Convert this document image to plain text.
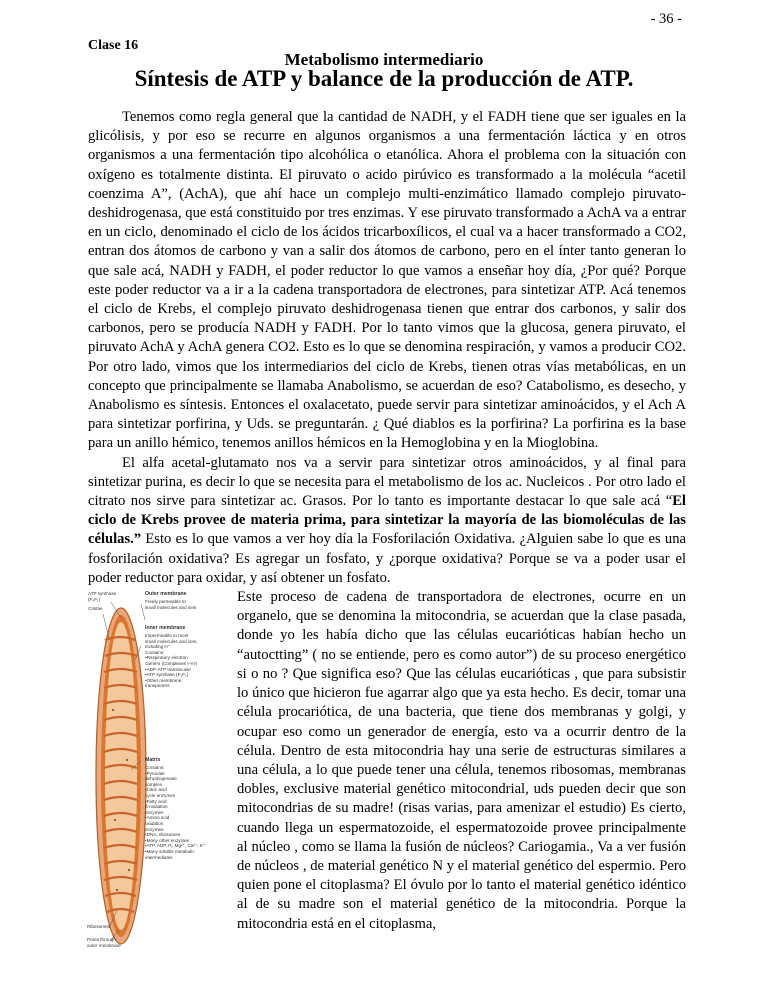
- 36 -
Clase 16
Metabolismo intermediario
Síntesis de ATP y balance de la producción de ATP.

Tenemos como regla general que la cantidad de NADH, y el FADH tiene que ser iguales en la glicólisis, y por eso se recurre en algunos organismos a una fermentación láctica y en otros organismos a una fermentación tipo alcohólica o etanólica. Ahora el problema con la situación con oxígeno es totalmente distinta. El piruvato o acido pirúvico es transformado a la molécula “acetil coenzima A”, (AchA), que ahí hace un complejo multi-enzimático llamado complejo piruvato-deshidrogenasa, que está constituido por tres enzimas. Y ese piruvato transformado a AchA va a entrar en un ciclo, denominado el ciclo de los ácidos tricarboxílicos, el cual va a hacer transformado a CO2, entran dos átomos de carbono y van a salir dos átomos de carbono, pero en el ínter tanto generan lo que sale acá, NADH y FADH, el poder reductor lo que vamos a enseñar hoy día, ¿Por qué? Porque este poder reductor va a ir a la cadena transportadora de electrones, para sintetizar ATP. Acá tenemos el ciclo de Krebs, el complejo piruvato deshidrogenasa tienen que entrar dos carbonos, y salir dos carbonos, pero se producía NADH y FADH. Por lo tanto vimos que la glucosa, genera piruvato, el piruvato AchA y AchA genera CO2. Esto es lo que se denomina respiración, y vamos a producir CO2. Por otro lado, vimos que los intermediarios del ciclo de Krebs, tienen otras vías metabólicas, en un concepto que principalmente se llamaba Anabolismo, se acuerdan de eso? Catabolismo, es desecho, y Anabolismo es síntesis. Entonces el oxalacetato, puede servir para sintetizar aminoácidos, y el Ach A para sintetizar porfirina, y Uds. se preguntarán. ¿ Qué diablos es la porfirina? La porfirina es la base para un anillo hémico, tenemos anillos hémicos en la Hemoglobina y en la Mioglobina.

El alfa acetal-glutamato nos va a servir para sintetizar otros aminoácidos, y al final para sintetizar purina, es decir lo que se necesita para el metabolismo de los ac. Nucleicos . Por otro lado el citrato nos sirve para sintetizar ac. Grasos. Por lo tanto es importante destacar lo que sale acá “El ciclo de Krebs provee de materia prima, para sintetizar la mayoría de las biomoléculas de las células.” Esto es lo que vamos a ver hoy día la Fosforilación Oxidativa. ¿Alguien sabe lo que es una fosforilación oxidativa? Es agregar un fosfato, y ¿porque oxidativa? Porque se va a poder usar el poder reductor para oxidar, y así obtener un fosfato.

ATP synthase
(F₀F₁)
Cristae
Outer membrane
Freely permeable to
small molecules and ions
Inner membrane
Impermeable to most
small molecules and ions,
including H⁺
Contains:
•Respiratory electron
carriers (Complexes I–IV)
•ADP-ATP translocase
•ATP synthase (F₀F₁)
•Other membrane
transporters
Matrix
Contains:
•Pyruvate
dehydrogenase
complex
•Citric acid
cycle enzymes
•Fatty acid
β-oxidation
enzymes
•Amino acid
oxidation
enzymes
•DNA, ribosomes
•Many other enzymes
•ATP, ADP, Pᵢ, Mg²⁺, Ca²⁺, K⁺
•Many soluble metabolic
intermediates
Ribosomes
Pores through
outer membrane

Este proceso de cadena de transportadora de electrones, ocurre en un organelo, que se denomina la mitocondria, se acuerdan que la clase pasada, donde yo les había dicho que las células eucarióticas habían hecho un “autoctting” ( no se entiende, pero es como autor”) de su proceso energético si o no ? Que significa eso? Que las células eucarióticas , que para subsistir lo único que hicieron fue agarrar algo que ya esta hecho. Es decir, tomar una célula procariótica, de una bacteria, que tiene dos membranas y golgi, y ocupar eso como un generador de energía, esto va a ocurrir dentro de la célula. Dentro de esta mitocondria hay una serie de estructuras similares a una célula, a lo que puede tener una célula, tenemos ribosomas, membranas dobles, exclusive material genético mitocondrial, uds pueden decir que son mitocondrias de su madre! (risas varias, para amenizar el estudio) Es cierto, cuando llega un espermatozoide, el espermatozoide provee principalmente al núcleo , como se llama la fusión de núcleos? Cariogamia., Va a ver fusión de núcleos , de material genético N y el material genético del espermio. Pero quien pone el citoplasma? El óvulo por lo tanto el material genético idéntico al de su madre son el material genético de la mitocondria. Porque la mitocondria está en el citoplasma,
